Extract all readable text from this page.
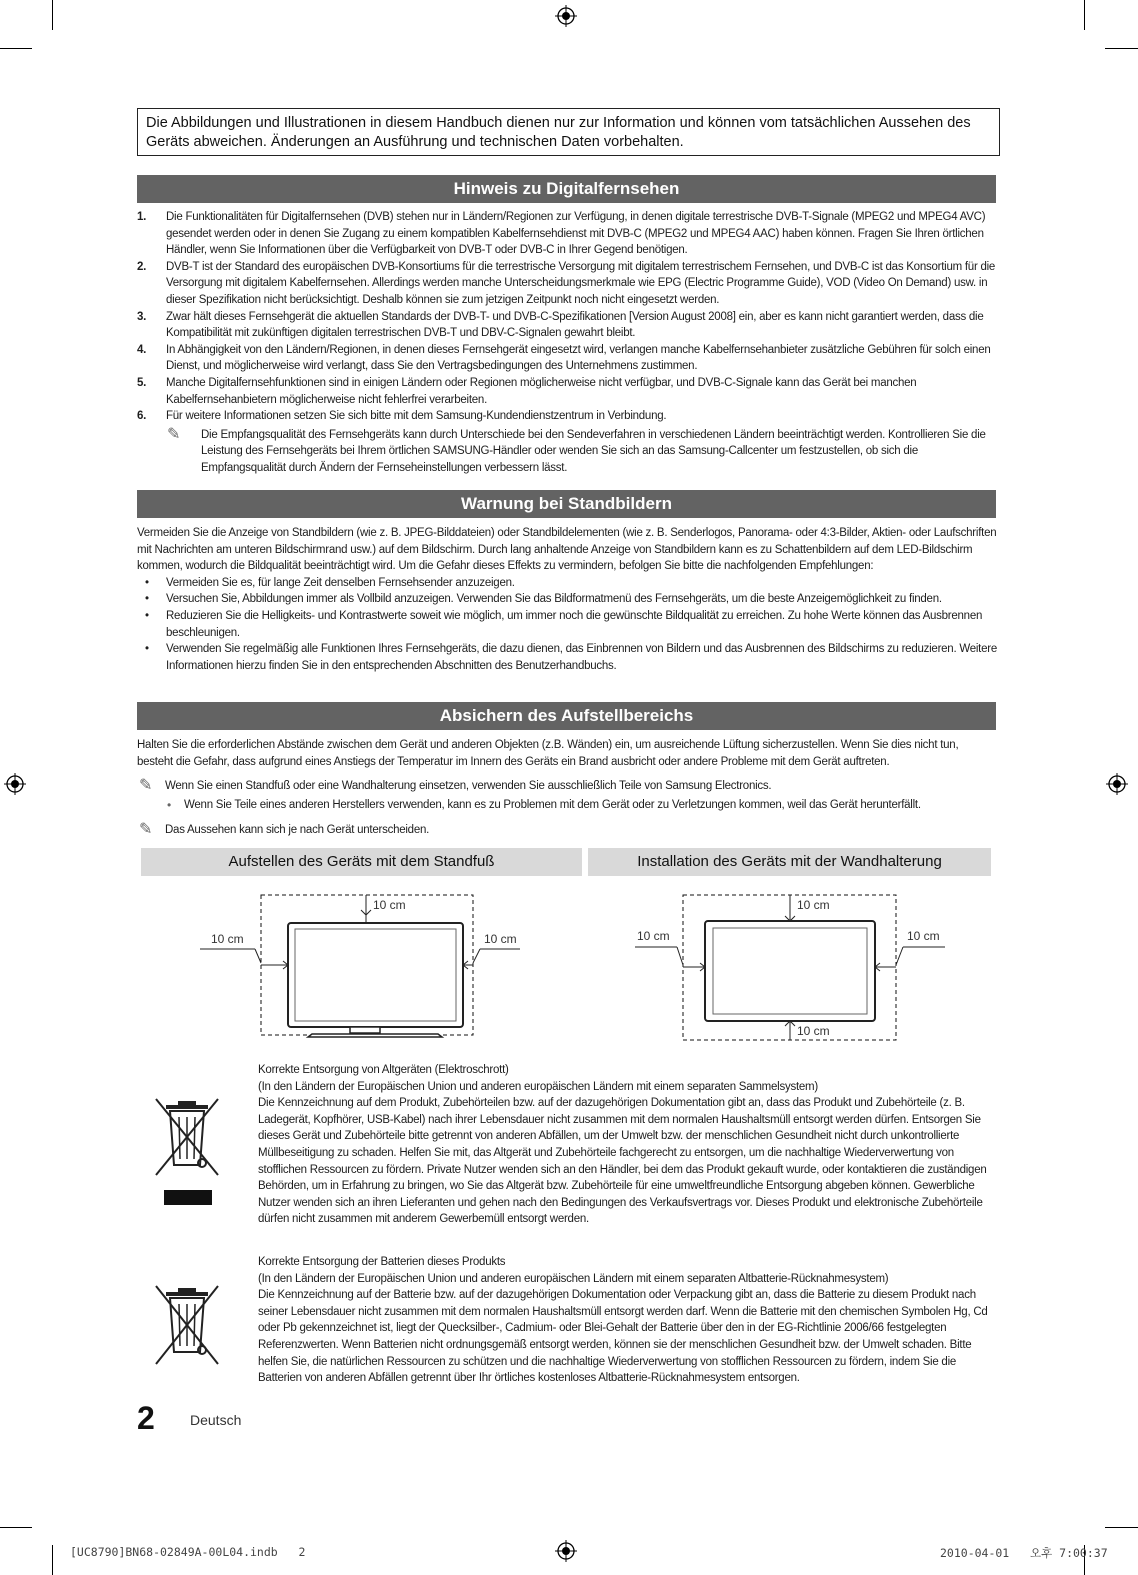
Die Abbildungen und Illustrationen in diesem Handbuch dienen nur zur Information und können vom tatsächlichen Aussehen des Geräts abweichen. Änderungen an Ausführung und technischen Daten vorbehalten.
Hinweis zu Digitalfernsehen
1. Die Funktionalitäten für Digitalfernsehen (DVB) stehen nur in Ländern/Regionen zur Verfügung, in denen digitale terrestrische DVB-T-Signale (MPEG2 und MPEG4 AVC) gesendet werden oder in denen Sie Zugang zu einem kompatiblen Kabelfernsehdienst mit DVB-C (MPEG2 und MPEG4 AAC) haben können. Fragen Sie Ihren örtlichen Händler, wenn Sie Informationen über die Verfügbarkeit von DVB-T oder DVB-C in Ihrer Gegend benötigen.
2. DVB-T ist der Standard des europäischen DVB-Konsortiums für die terrestrische Versorgung mit digitalem terrestrischem Fernsehen, und DVB-C ist das Konsortium für die Versorgung mit digitalem Kabelfernsehen. Allerdings werden manche Unterscheidungsmerkmale wie EPG (Electric Programme Guide), VOD (Video On Demand) usw. in dieser Spezifikation nicht berücksichtigt. Deshalb können sie zum jetzigen Zeitpunkt noch nicht eingesetzt werden.
3. Zwar hält dieses Fernsehgerät die aktuellen Standards der DVB-T- und DVB-C-Spezifikationen [Version August 2008] ein, aber es kann nicht garantiert werden, dass die Kompatibilität mit zukünftigen digitalen terrestrischen DVB-T und DBV-C-Signalen gewahrt bleibt.
4. In Abhängigkeit von den Ländern/Regionen, in denen dieses Fernsehgerät eingesetzt wird, verlangen manche Kabelfernsehanbieter zusätzliche Gebühren für solch einen Dienst, und möglicherweise wird verlangt, dass Sie den Vertragsbedingungen des Unternehmens zustimmen.
5. Manche Digitalfernsehfunktionen sind in einigen Ländern oder Regionen möglicherweise nicht verfügbar, und DVB-C-Signale kann das Gerät bei manchen Kabelfernsehanbietern möglicherweise nicht fehlerfrei verarbeiten.
6. Für weitere Informationen setzen Sie sich bitte mit dem Samsung-Kundendienstzentrum in Verbindung.
✎ Die Empfangsqualität des Fernsehgeräts kann durch Unterschiede bei den Sendeverfahren in verschiedenen Ländern beeinträchtigt werden. Kontrollieren Sie die Leistung des Fernsehgeräts bei Ihrem örtlichen SAMSUNG-Händler oder wenden Sie sich an das Samsung-Callcenter um festzustellen, ob sich die Empfangsqualität durch Ändern der Fernseheinstellungen verbessern lässt.
Warnung bei Standbildern
Vermeiden Sie die Anzeige von Standbildern (wie z. B. JPEG-Bilddateien) oder Standbildelementen (wie z. B. Senderlogos, Panorama- oder 4:3-Bilder, Aktien- oder Laufschriften mit Nachrichten am unteren Bildschirmrand usw.) auf dem Bildschirm. Durch lang anhaltende Anzeige von Standbildern kann es zu Schattenbildern auf dem LED-Bildschirm kommen, wodurch die Bildqualität beeinträchtigt wird. Um die Gefahr dieses Effekts zu vermindern, befolgen Sie bitte die nachfolgenden Empfehlungen:
• Vermeiden Sie es, für lange Zeit denselben Fernsehsender anzuzeigen.
• Versuchen Sie, Abbildungen immer als Vollbild anzuzeigen. Verwenden Sie das Bildformatmenü des Fernsehgeräts, um die beste Anzeigemöglichkeit zu finden.
• Reduzieren Sie die Helligkeits- und Kontrastwerte soweit wie möglich, um immer noch die gewünschte Bildqualität zu erreichen. Zu hohe Werte können das Ausbrennen beschleunigen.
• Verwenden Sie regelmäßig alle Funktionen Ihres Fernsehgeräts, die dazu dienen, das Einbrennen von Bildern und das Ausbrennen des Bildschirms zu reduzieren. Weitere Informationen hierzu finden Sie in den entsprechenden Abschnitten des Benutzerhandbuchs.
Absichern des Aufstellbereichs
Halten Sie die erforderlichen Abstände zwischen dem Gerät und anderen Objekten (z.B. Wänden) ein, um ausreichende Lüftung sicherzustellen. Wenn Sie dies nicht tun, besteht die Gefahr, dass aufgrund eines Anstiegs der Temperatur im Innern des Geräts ein Brand ausbricht oder andere Probleme mit dem Gerät auftreten.
✎ Wenn Sie einen Standfuß oder eine Wandhalterung einsetzen, verwenden Sie ausschließlich Teile von Samsung Electronics.
• Wenn Sie Teile eines anderen Herstellers verwenden, kann es zu Problemen mit dem Gerät oder zu Verletzungen kommen, weil das Gerät herunterfällt.
✎ Das Aussehen kann sich je nach Gerät unterscheiden.
Aufstellen des Geräts mit dem Standfuß	Installation des Geräts mit der Wandhalterung
10 cm
10 cm	10 cm
10 cm
10 cm	10 cm
10 cm
Korrekte Entsorgung von Altgeräten (Elektroschrott)
(In den Ländern der Europäischen Union und anderen europäischen Ländern mit einem separaten Sammelsystem)
Die Kennzeichnung auf dem Produkt, Zubehörteilen bzw. auf der dazugehörigen Dokumentation gibt an, dass das Produkt und Zubehörteile (z. B. Ladegerät, Kopfhörer, USB-Kabel) nach ihrer Lebensdauer nicht zusammen mit dem normalen Haushaltsmüll entsorgt werden dürfen. Entsorgen Sie dieses Gerät und Zubehörteile bitte getrennt von anderen Abfällen, um der Umwelt bzw. der menschlichen Gesundheit nicht durch unkontrollierte Müllbeseitigung zu schaden. Helfen Sie mit, das Altgerät und Zubehörteile fachgerecht zu entsorgen, um die nachhaltige Wiederverwertung von stofflichen Ressourcen zu fördern. Private Nutzer wenden sich an den Händler, bei dem das Produkt gekauft wurde, oder kontaktieren die zuständigen Behörden, um in Erfahrung zu bringen, wo Sie das Altgerät bzw. Zubehörteile für eine umweltfreundliche Entsorgung abgeben können. Gewerbliche Nutzer wenden sich an ihren Lieferanten und gehen nach den Bedingungen des Verkaufsvertrags vor. Dieses Produkt und elektronische Zubehörteile dürfen nicht zusammen mit anderem Gewerbemüll entsorgt werden.
Korrekte Entsorgung der Batterien dieses Produkts
(In den Ländern der Europäischen Union und anderen europäischen Ländern mit einem separaten Altbatterie-Rücknahmesystem)
Die Kennzeichnung auf der Batterie bzw. auf der dazugehörigen Dokumentation oder Verpackung gibt an, dass die Batterie zu diesem Produkt nach seiner Lebensdauer nicht zusammen mit dem normalen Haushaltsmüll entsorgt werden darf. Wenn die Batterie mit den chemischen Symbolen Hg, Cd oder Pb gekennzeichnet ist, liegt der Quecksilber-, Cadmium- oder Blei-Gehalt der Batterie über den in der EG-Richtlinie 2006/66 festgelegten Referenzwerten. Wenn Batterien nicht ordnungsgemäß entsorgt werden, können sie der menschlichen Gesundheit bzw. der Umwelt schaden. Bitte helfen Sie, die natürlichen Ressourcen zu schützen und die nachhaltige Wiederverwertung von stofflichen Ressourcen zu fördern, indem Sie die Batterien von anderen Abfällen getrennt über Ihr örtliches kostenloses Altbatterie-Rücknahmesystem entsorgen.
2	Deutsch
[UC8790]BN68-02849A-00L04.indb   2	2010-04-01   오후 7:00:37
